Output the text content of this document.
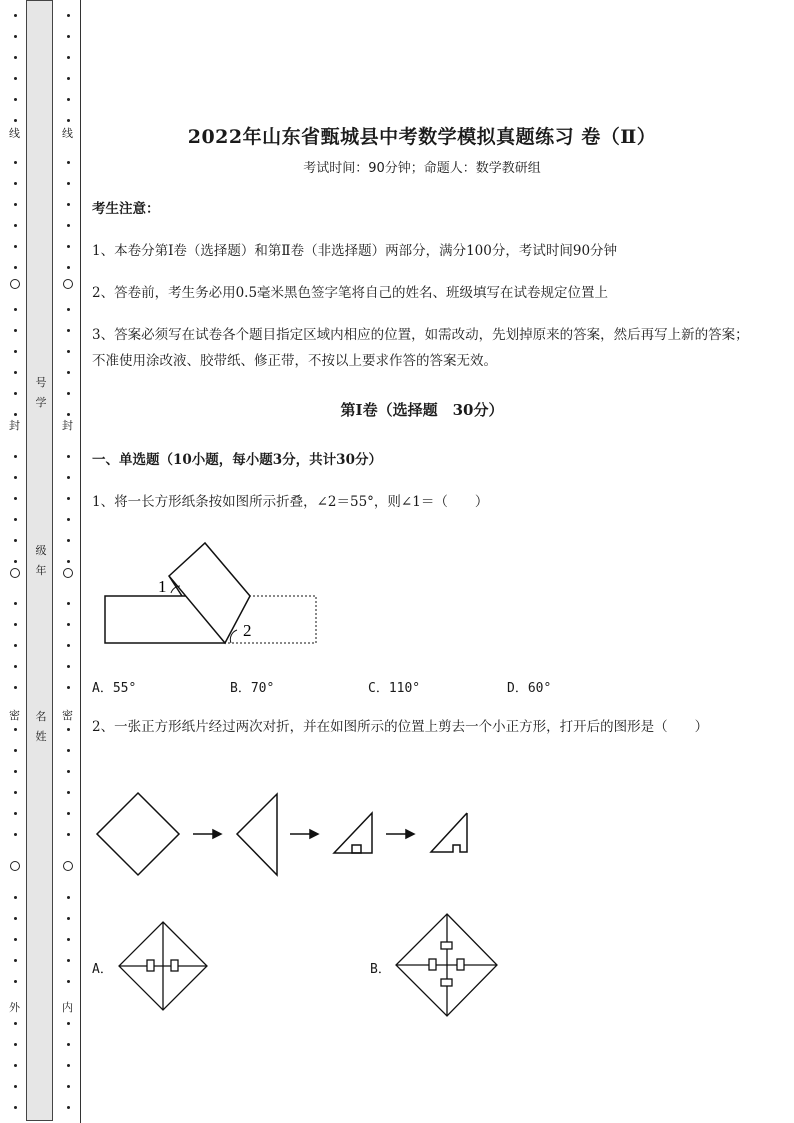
线
封
密
外
号学
级年
名姓
线
封
密
内
2022年山东省甄城县中考数学模拟真题练习 卷（Ⅱ）
考试时间：90分钟；命题人：数学教研组
考生注意：
1、本卷分第Ⅰ卷（选择题）和第Ⅱ卷（非选择题）两部分，满分100分，考试时间90分钟
2、答卷前，考生务必用0.5毫米黑色签字笔将自己的姓名、班级填写在试卷规定位置上
3、答案必须写在试卷各个题目指定区域内相应的位置，如需改动，先划掉原来的答案，然后再写上新的答案；不准使用涂改液、胶带纸、修正带，不按以上要求作答的答案无效。
第Ⅰ卷（选择题　30分）
一、单选题（10小题，每小题3分，共计30分）
1、将一长方形纸条按如图所示折叠，∠2＝55°，则∠1＝（　　）
1
2
A．55°	B．70°	C．110°	D．60°
2、一张正方形纸片经过两次对折，并在如图所示的位置上剪去一个小正方形，打开后的图形是（　　）
A．	B．
